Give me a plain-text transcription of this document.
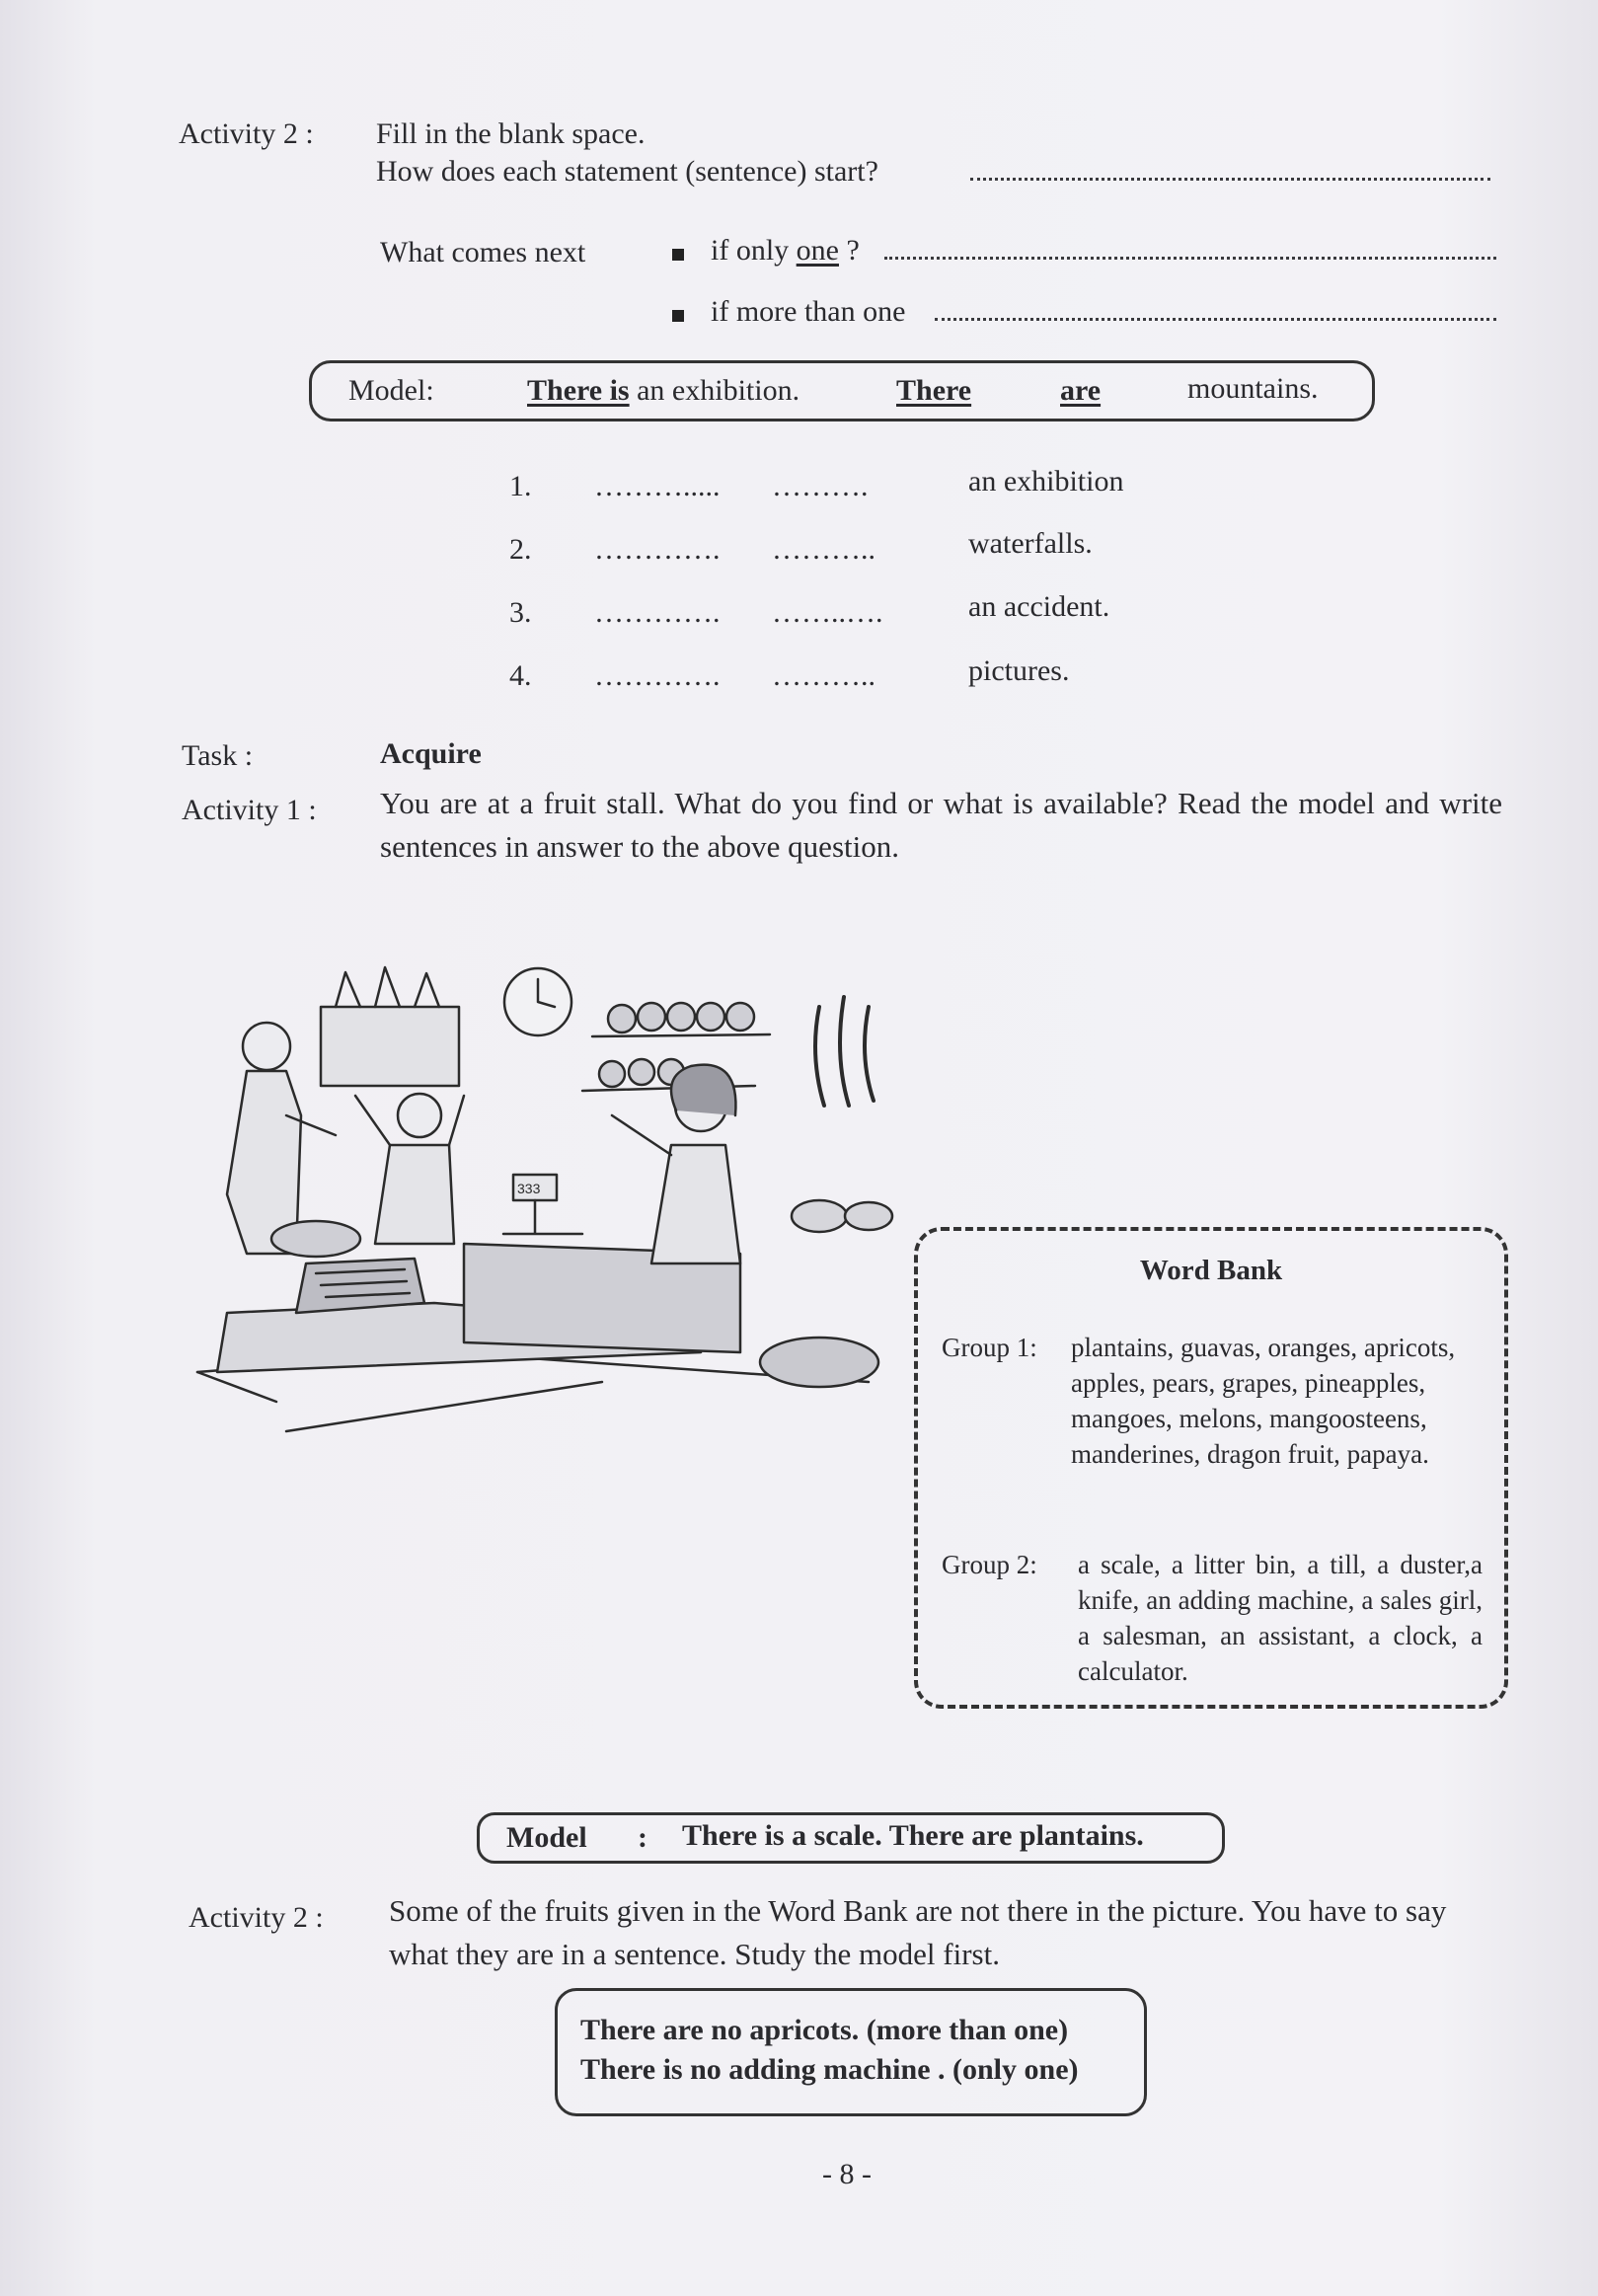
Activity 2 : Fill in the blank space.
How does each statement (sentence) start?
What comes next	if only one ?
if more than one
Model:	There is an exhibition.	There	are	mountains.
1. ………..... ……….	an exhibition
2. …………. ………..	waterfalls.
3. …………. ……..….	an accident.
4. …………. ………..	pictures.
Task :	Acquire
Activity 1 : You are at a fruit stall. What do you find or what is available? Read the model and write sentences in answer to the above question.
333
Word Bank
Group 1:	plantains, guavas, oranges, apricots, apples, pears, grapes, pineapples, mangoes, melons, mangoosteens, manderines, dragon fruit, papaya.
Group 2:	a scale, a litter bin, a till, a duster,a knife, an adding machine, a sales girl, a salesman, an assistant, a clock, a calculator.
Model : There is a scale. There are plantains.
Activity 2 : Some of the fruits given in the Word Bank are not there in the picture. You have to say what they are in a sentence. Study the model first.
There are no apricots. (more than one)
There is no adding machine . (only one)
- 8 -
